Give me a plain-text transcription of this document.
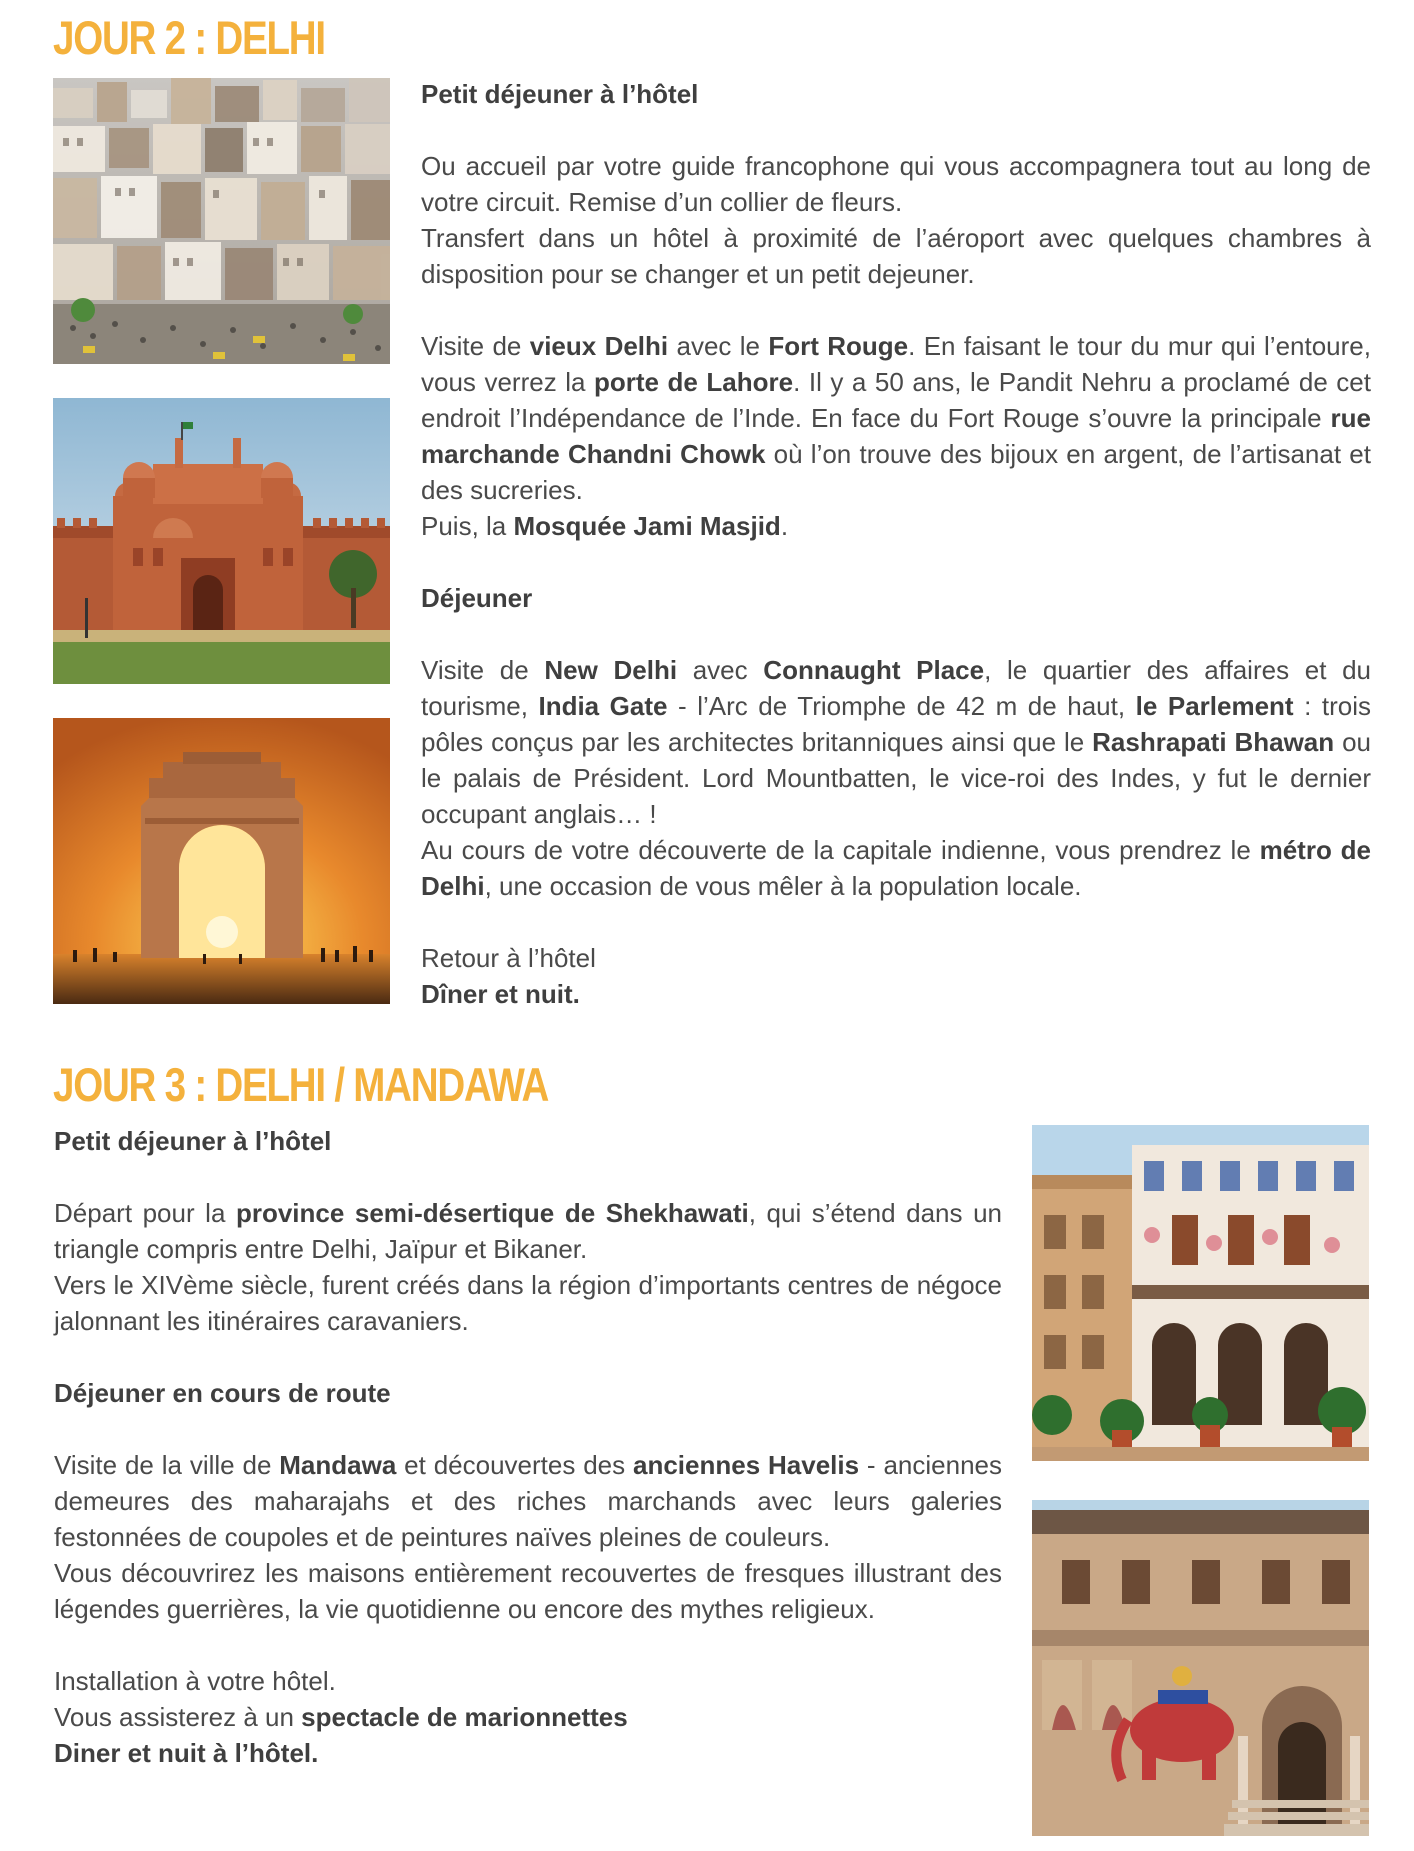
JOUR 2 : DELHI

Petit déjeuner à l’hôtel

Ou accueil par votre guide francophone qui vous accompagnera tout au long de votre circuit. Remise d’un collier de fleurs.

Transfert dans un hôtel à proximité de l’aéroport avec quelques chambres à disposition pour se changer et un petit dejeuner.

Visite de vieux Delhi avec le Fort Rouge. En faisant le tour du mur qui l’entoure, vous verrez la porte de Lahore. Il y a 50 ans, le Pandit Nehru a proclamé de cet endroit l’Indépendance de l’Inde. En face du Fort Rouge s’ouvre la principale rue marchande Chandni Chowk où l’on trouve des bijoux en argent, de l’artisanat et des sucreries.

Puis, la Mosquée Jami Masjid.

Déjeuner

Visite de New Delhi avec Connaught Place, le quartier des affaires et du tourisme, India Gate - l’Arc de Triomphe de 42 m de haut, le Parlement : trois pôles conçus par les architectes britanniques ainsi que le Rashrapati Bhawan ou le palais de Président. Lord Mountbatten, le vice-roi des Indes, y fut le dernier occupant anglais… !

Au cours de votre découverte de la capitale indienne, vous prendrez le métro de Delhi, une occasion de vous mêler à la population locale.

Retour à l’hôtel

Dîner et nuit.

JOUR 3 : DELHI / MANDAWA

Petit déjeuner à l’hôtel

Départ pour la province semi-désertique de Shekhawati, qui s’étend dans un triangle compris entre Delhi, Jaïpur et Bikaner.

Vers le XIVème siècle, furent créés dans la région d’importants centres de négoce jalonnant les itinéraires caravaniers.

Déjeuner en cours de route

Visite de la ville de Mandawa et découvertes des anciennes Havelis - anciennes demeures des maharajahs et des riches marchands avec leurs galeries festonnées de coupoles et de peintures naïves pleines de couleurs.

Vous découvrirez les maisons entièrement recouvertes de fresques illustrant des légendes guerrières, la vie quotidienne ou encore des mythes religieux.

Installation à votre hôtel.

Vous assisterez à un spectacle de marionnettes

Diner et nuit à l’hôtel.
